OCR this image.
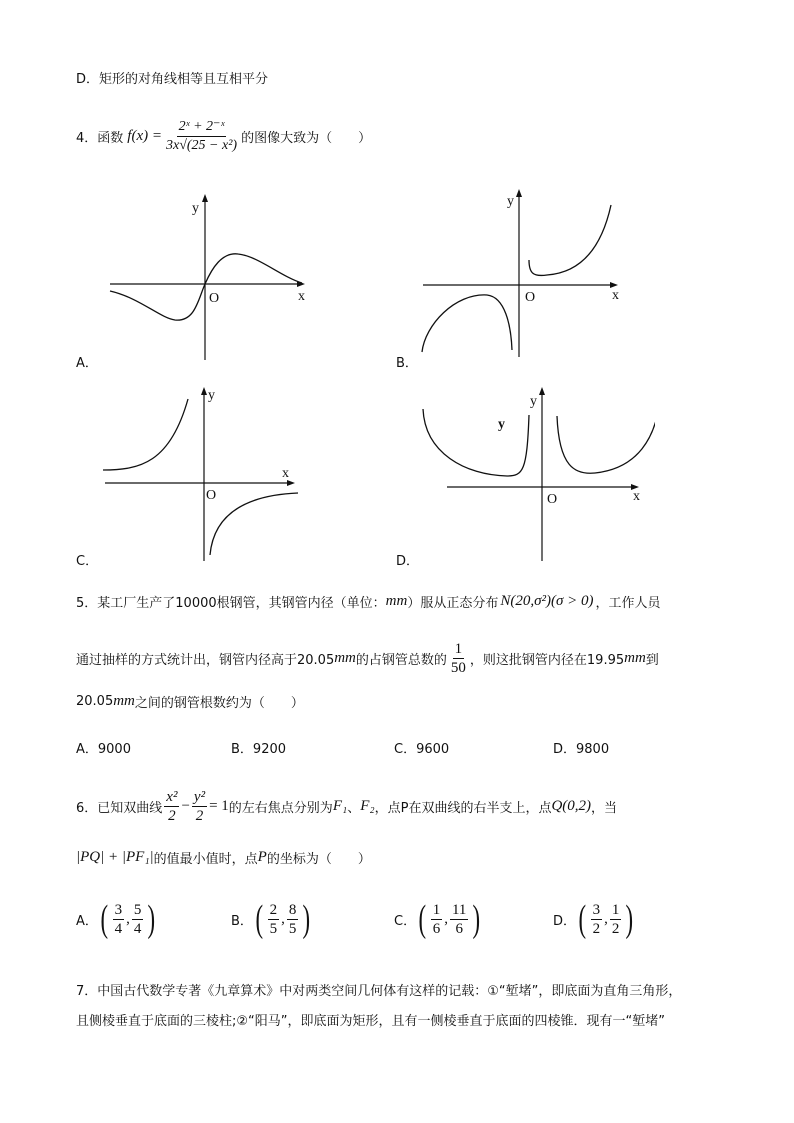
D．矩形的对角线相等且互相平分
4． 函数 $f(x) = \frac{\text{2ˣ + 2⁻ˣ}}{\text{3x√(25 − x²)}}$ 的图像大致为（　　）
x
y
O
A．
x
y
O
B．
x
y
O
C．
x
y
y
O
D．
5． 某工厂生产了10000根钢管，其钢管内径（单位： mm ）服从正态分布 N(20,σ²)(σ > 0) ，工作人员
通过抽样的方式统计出，钢管内径高于20.05 mm 的占钢管总数的 $\frac{1}{50}$ ，则这批钢管内径在19.95 mm 到
20.05 mm 之间的钢管根数约为（　　）
A．9000	B．9200	C．9600	D．9800
6． 已知双曲线 $\frac{\text{x²}}{2} - \frac{\text{y²}}{2} = 1$ 的左右焦点分别为 F₁ 、 F₂ ，点P在双曲线的右半支上，点 Q(0,2) ，当
|PQ| + |PF₁| 的值最小值时，点 P 的坐标为（　　）
A． ( $\frac{3}{4}$ , $\frac{5}{4}$ )	B． ( $\frac{2}{5}$ , $\frac{8}{5}$ )	C． ( $\frac{1}{6}$ , $\frac{11}{6}$ )	D． ( $\frac{3}{2}$ , $\frac{1}{2}$ )
7．中国古代数学专著《九章算术》中对两类空间几何体有这样的记载：①“堑堵”，即底面为直角三角形，
且侧棱垂直于底面的三棱柱;②“阳马”，即底面为矩形，且有一侧棱垂直于底面的四棱锥．现有一“堑堵”
